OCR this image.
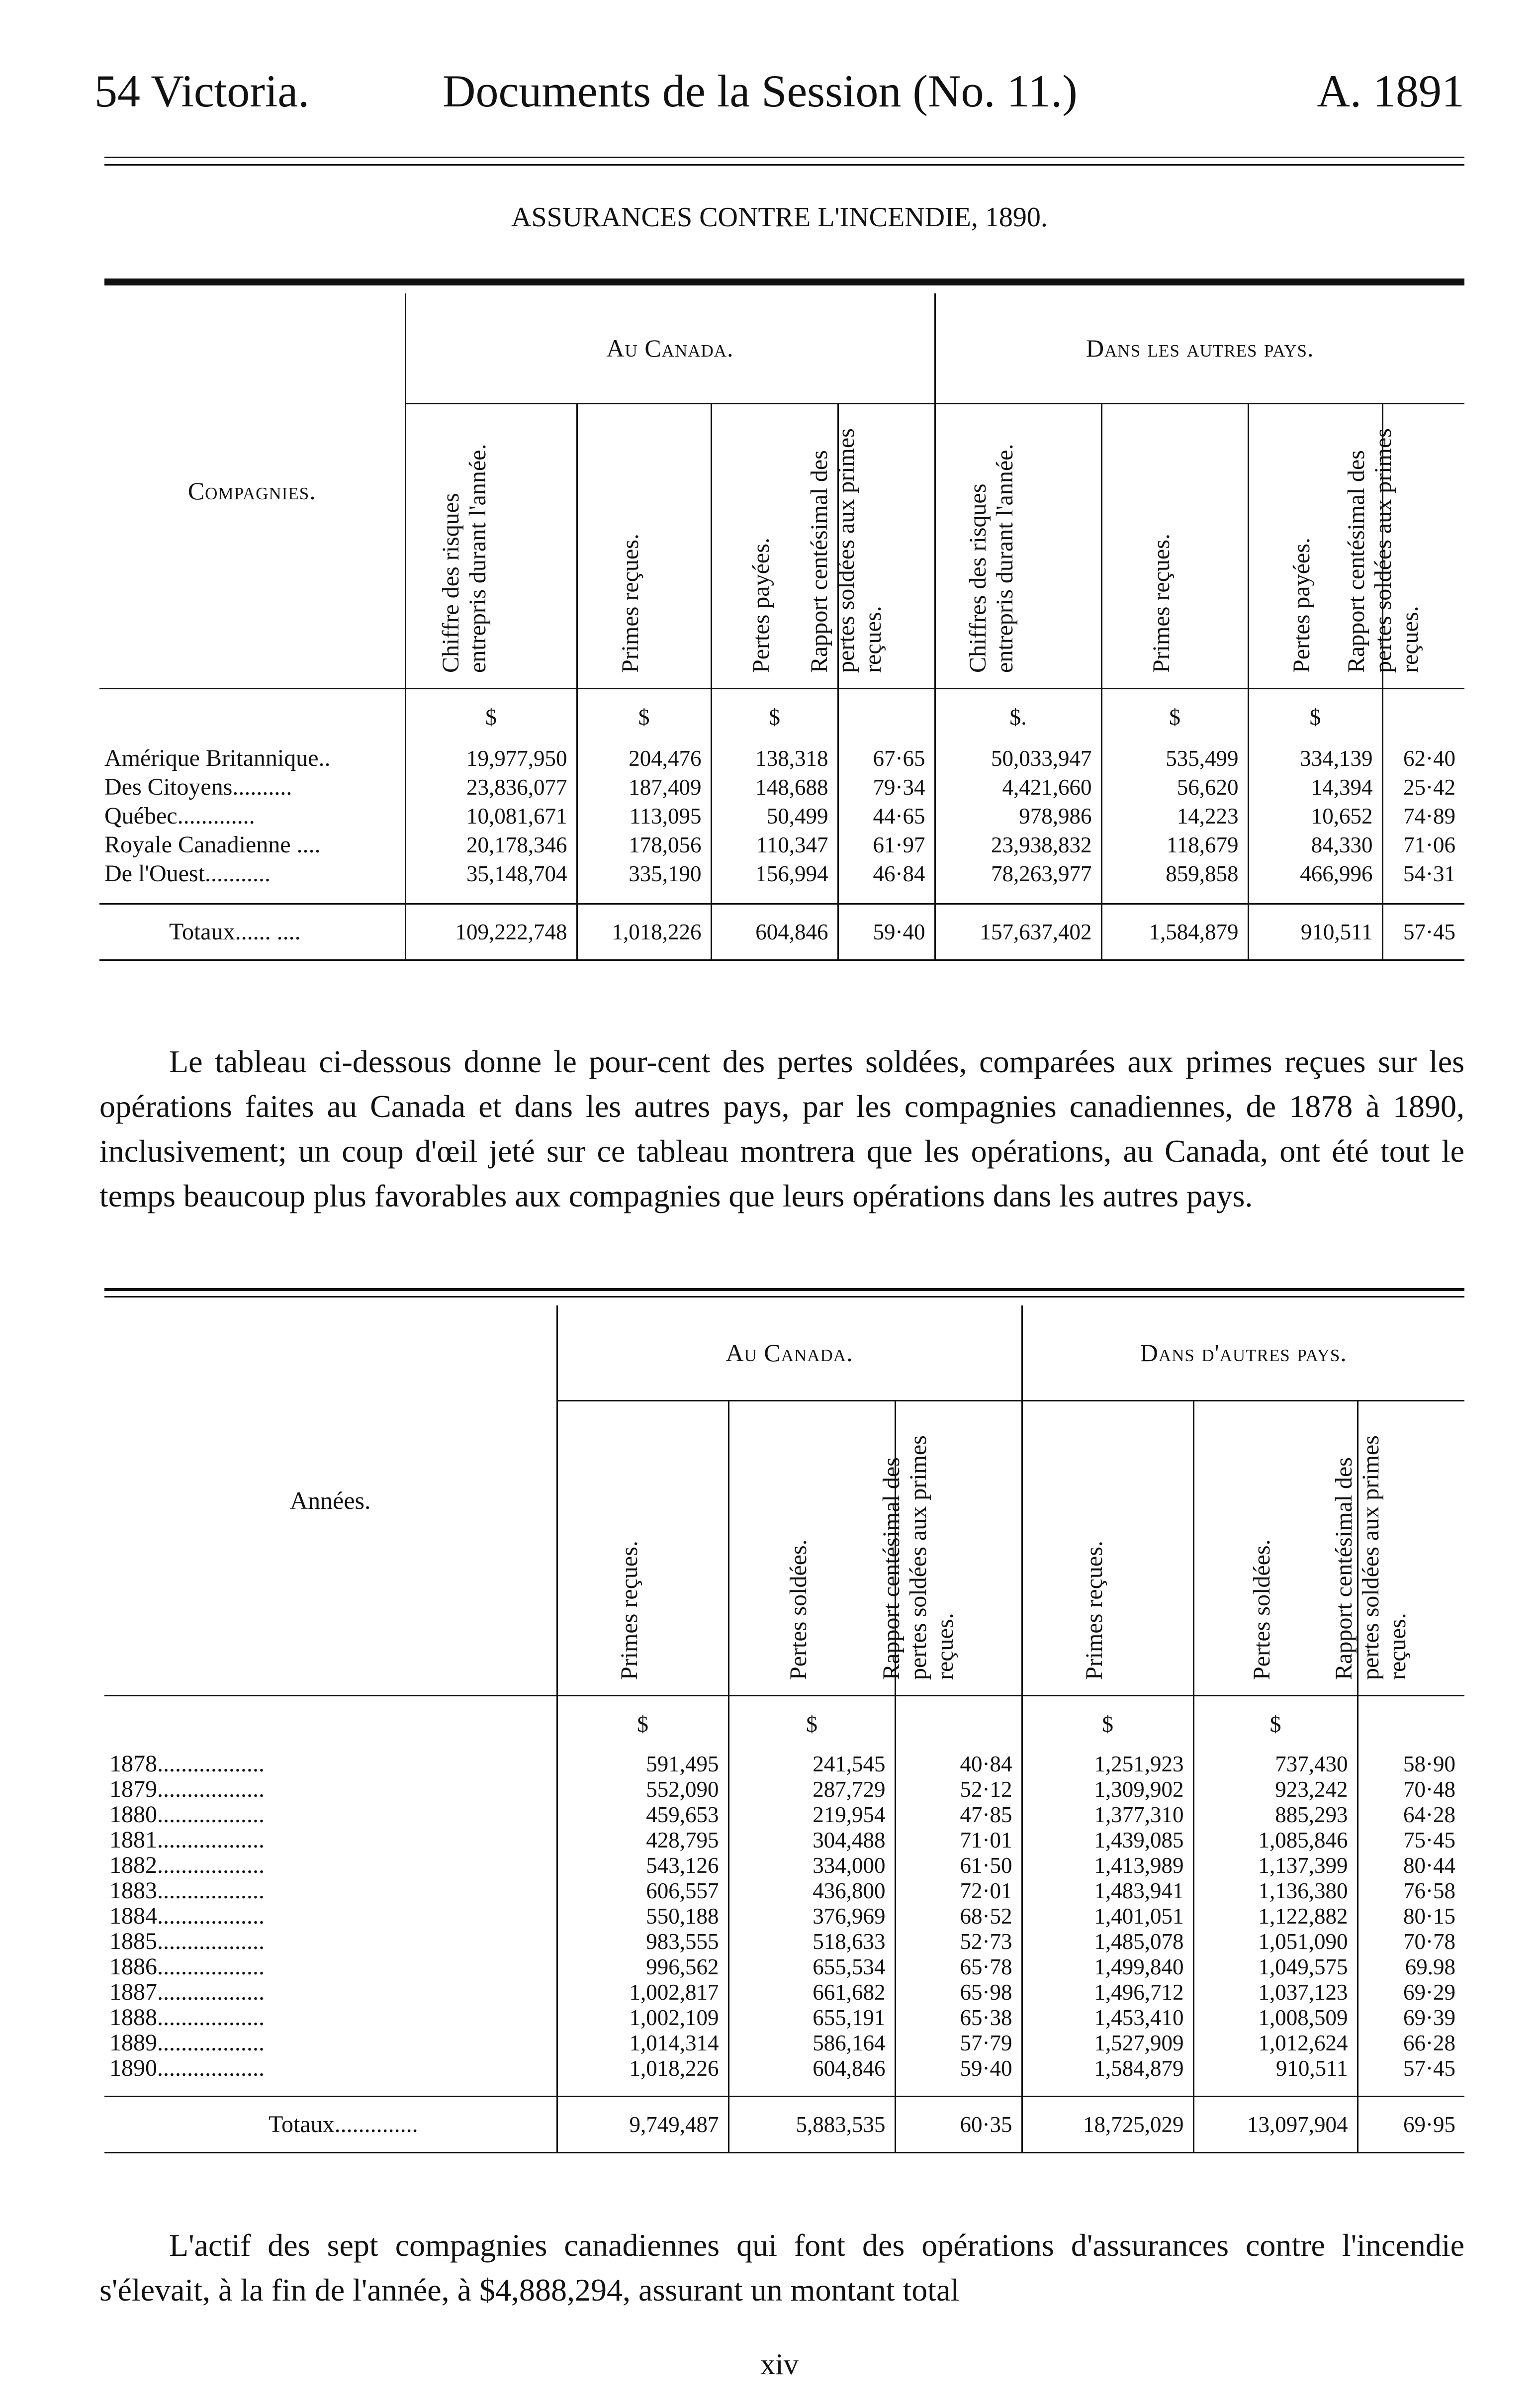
54 Victoria.	Documents de la Session (No. 11.)	A. 1891
ASSURANCES CONTRE L'INCENDIE, 1890.
Compagnies.	Au Canada.				Dans les autres pays.			

	Chiffre des risques entrepris durant l'année.	Primes reçues.	Pertes payées.	Rapport centésimal des pertes soldées aux primes reçues.	Chiffres des risques entrepris durant l'année.	Primes reçues.	Pertes payées.	Rapport centésimal des pertes soldées aux primes reçues.

	$	$	$		$.	$	$	
Amérique Britannique..	19,977,950	204,476	138,318	67·65	50,033,947	535,499	334,139	62·40
Des Citoyens..........	23,836,077	187,409	148,688	79·34	4,421,660	56,620	14,394	25·42
Québec.............	10,081,671	113,095	50,499	44·65	978,986	14,223	10,652	74·89
Royale Canadienne ....	20,178,346	178,056	110,347	61·97	23,938,832	118,679	84,330	71·06
De l'Ouest...........	35,148,704	335,190	156,994	46·84	78,263,977	859,858	466,996	54·31

Totaux...... ....	109,222,748	1,018,226	604,846	59·40	157,637,402	1,584,879	910,511	57·45
Le tableau ci-dessous donne le pour-cent des pertes soldées, comparées aux primes reçues sur les opérations faites au Canada et dans les autres pays, par les compagnies canadiennes, de 1878 à 1890, inclusivement; un coup d'œil jeté sur ce tableau montrera que les opérations, au Canada, ont été tout le temps beaucoup plus favorables aux compagnies que leurs opérations dans les autres pays.
Années.	Au Canada.			Dans d'autres pays.		

	Primes reçues.	Pertes soldées.	Rapport centésimal des pertes soldées aux primes reçues.	Primes reçues.	Pertes soldées.	Rapport centésimal des pertes soldées aux primes reçues.

	$	$		$	$	
1878..................	591,495	241,545	40·84	1,251,923	737,430	58·90
1879..................	552,090	287,729	52·12	1,309,902	923,242	70·48
1880..................	459,653	219,954	47·85	1,377,310	885,293	64·28
1881..................	428,795	304,488	71·01	1,439,085	1,085,846	75·45
1882..................	543,126	334,000	61·50	1,413,989	1,137,399	80·44
1883..................	606,557	436,800	72·01	1,483,941	1,136,380	76·58
1884..................	550,188	376,969	68·52	1,401,051	1,122,882	80·15
1885..................	983,555	518,633	52·73	1,485,078	1,051,090	70·78
1886..................	996,562	655,534	65·78	1,499,840	1,049,575	69.98
1887..................	1,002,817	661,682	65·98	1,496,712	1,037,123	69·29
1888..................	1,002,109	655,191	65·38	1,453,410	1,008,509	69·39
1889..................	1,014,314	586,164	57·79	1,527,909	1,012,624	66·28
1890..................	1,018,226	604,846	59·40	1,584,879	910,511	57·45

Totaux..............	9,749,487	5,883,535	60·35	18,725,029	13,097,904	69·95
L'actif des sept compagnies canadiennes qui font des opérations d'assurances contre l'incendie s'élevait, à la fin de l'année, à $4,888,294, assurant un montant total
xiv
